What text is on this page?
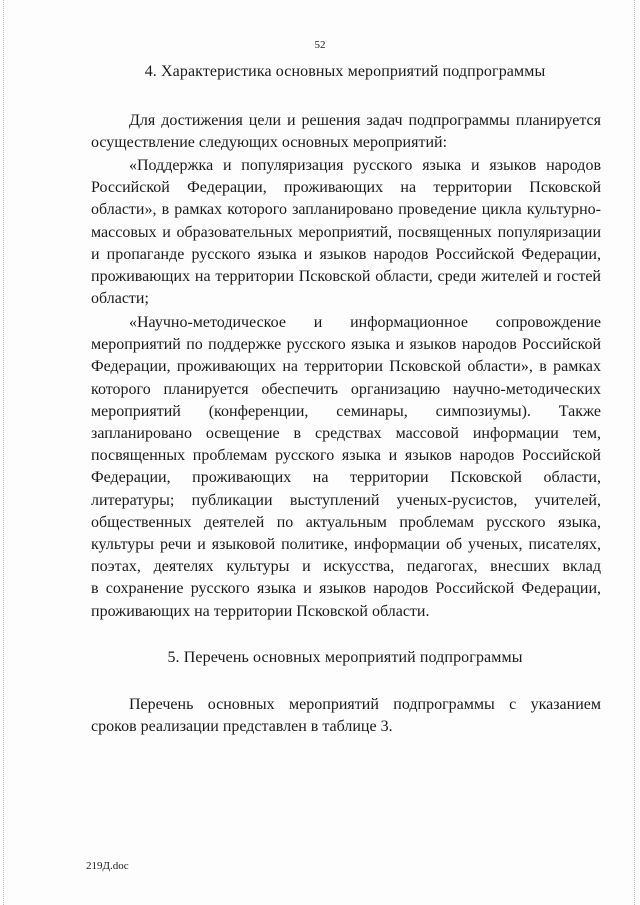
52
4. Характеристика основных мероприятий подпрограммы
Для достижения цели и решения задач подпрограммы планируется
осуществление следующих основных мероприятий:
«Поддержка и популяризация русского языка и языков народов
Российской Федерации, проживающих на территории Псковской
области», в рамках которого запланировано проведение цикла культурно-
массовых и образовательных мероприятий, посвященных популяризации
и пропаганде русского языка и языков народов Российской Федерации,
проживающих на территории Псковской области, среди жителей и гостей
области;
«Научно-методическое и информационное сопровождение
мероприятий по поддержке русского языка и языков народов Российской
Федерации, проживающих на территории Псковской области», в рамках
которого планируется обеспечить организацию научно-методических
мероприятий (конференции, семинары, симпозиумы). Также
запланировано освещение в средствах массовой информации тем,
посвященных проблемам русского языка и языков народов Российской
Федерации, проживающих на территории Псковской области,
литературы; публикации выступлений ученых-русистов, учителей,
общественных деятелей по актуальным проблемам русского языка,
культуры речи и языковой политике, информации об ученых, писателях,
поэтах, деятелях культуры и искусства, педагогах, внесших вклад
в сохранение русского языка и языков народов Российской Федерации,
проживающих на территории Псковской области.
5. Перечень основных мероприятий подпрограммы
Перечень основных мероприятий подпрограммы с указанием
сроков реализации представлен в таблице 3.
219Д.doc
